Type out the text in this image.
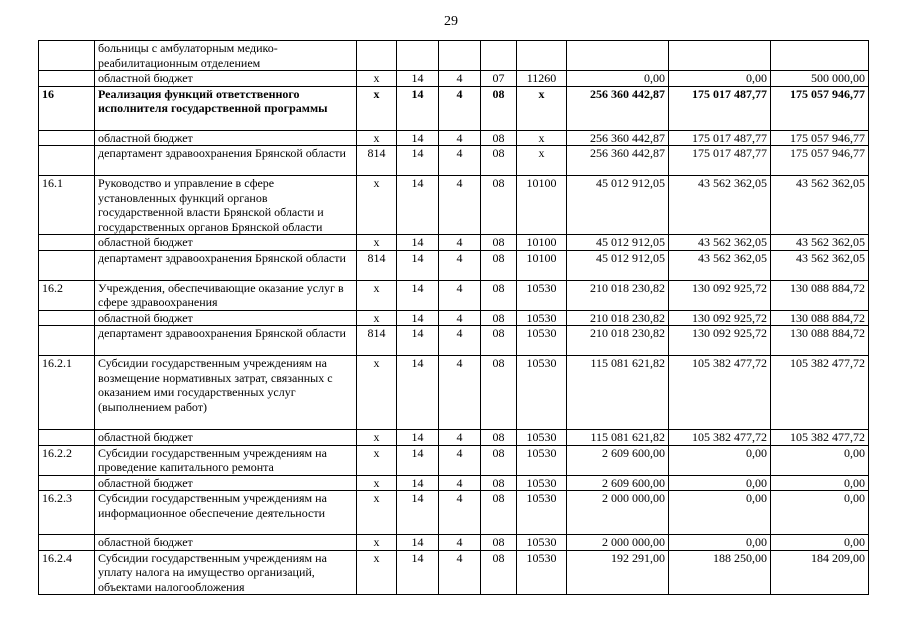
29
	больницы с амбулаторным медико-реабилитационным отделением								
	областной бюджет	х	14	4	07	11260	0,00	0,00	500 000,00
16	Реализация функций ответственного исполнителя государственной программы	х	14	4	08	х	256 360 442,87	175 017 487,77	175 057 946,77
	областной бюджет	х	14	4	08	х	256 360 442,87	175 017 487,77	175 057 946,77
	департамент здравоохранения Брянской области	814	14	4	08	х	256 360 442,87	175 017 487,77	175 057 946,77
16.1	Руководство и управление в сфере установленных функций органов государственной власти Брянской области и государственных органов Брянской области	х	14	4	08	10100	45 012 912,05	43 562 362,05	43 562 362,05
	областной бюджет	х	14	4	08	10100	45 012 912,05	43 562 362,05	43 562 362,05
	департамент здравоохранения Брянской области	814	14	4	08	10100	45 012 912,05	43 562 362,05	43 562 362,05
16.2	Учреждения, обеспечивающие оказание услуг в сфере здравоохранения	х	14	4	08	10530	210 018 230,82	130 092 925,72	130 088 884,72
	областной бюджет	х	14	4	08	10530	210 018 230,82	130 092 925,72	130 088 884,72
	департамент здравоохранения Брянской области	814	14	4	08	10530	210 018 230,82	130 092 925,72	130 088 884,72
16.2.1	Субсидии государственным учреждениям на возмещение нормативных затрат, связанных с оказанием ими государственных услуг (выполнением работ)	х	14	4	08	10530	115 081 621,82	105 382 477,72	105 382 477,72
	областной бюджет	х	14	4	08	10530	115 081 621,82	105 382 477,72	105 382 477,72
16.2.2	Субсидии государственным учреждениям на проведение капитального ремонта	х	14	4	08	10530	2 609 600,00	0,00	0,00
	областной бюджет	х	14	4	08	10530	2 609 600,00	0,00	0,00
16.2.3	Субсидии государственным учреждениям на информационное обеспечение деятельности	х	14	4	08	10530	2 000 000,00	0,00	0,00
	областной бюджет	х	14	4	08	10530	2 000 000,00	0,00	0,00
16.2.4	Субсидии государственным учреждениям на уплату налога на имущество организаций, объектами налогообложения	х	14	4	08	10530	192 291,00	188 250,00	184 209,00
